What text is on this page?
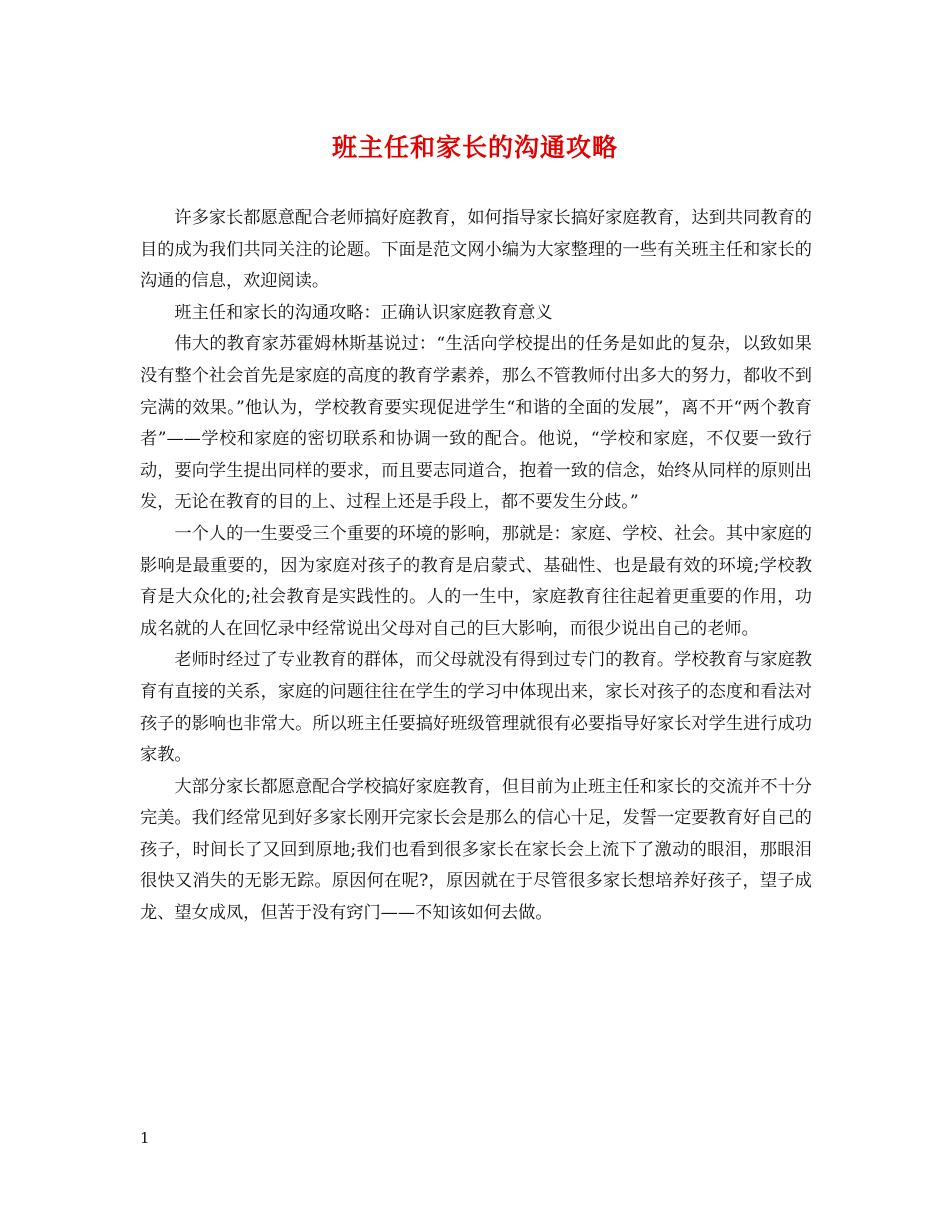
班主任和家长的沟通攻略

许多家长都愿意配合老师搞好庭教育，如何指导家长搞好家庭教育，达到共同教育的目的成为我们共同关注的论题。下面是范文网小编为大家整理的一些有关班主任和家长的沟通的信息，欢迎阅读。

班主任和家长的沟通攻略：正确认识家庭教育意义

伟大的教育家苏霍姆林斯基说过：“生活向学校提出的任务是如此的复杂，以致如果没有整个社会首先是家庭的高度的教育学素养，那么不管教师付出多大的努力，都收不到完满的效果。”他认为，学校教育要实现促进学生“和谐的全面的发展”，离不开“两个教育者”——学校和家庭的密切联系和协调一致的配合。他说，“学校和家庭，不仅要一致行动，要向学生提出同样的要求，而且要志同道合，抱着一致的信念，始终从同样的原则出发，无论在教育的目的上、过程上还是手段上，都不要发生分歧。”

一个人的一生要受三个重要的环境的影响，那就是：家庭、学校、社会。其中家庭的影响是最重要的，因为家庭对孩子的教育是启蒙式、基础性、也是最有效的环境;学校教育是大众化的;社会教育是实践性的。人的一生中，家庭教育往往起着更重要的作用，功成名就的人在回忆录中经常说出父母对自己的巨大影响，而很少说出自己的老师。

老师时经过了专业教育的群体，而父母就没有得到过专门的教育。学校教育与家庭教育有直接的关系，家庭的问题往往在学生的学习中体现出来，家长对孩子的态度和看法对孩子的影响也非常大。所以班主任要搞好班级管理就很有必要指导好家长对学生进行成功家教。

大部分家长都愿意配合学校搞好家庭教育，但目前为止班主任和家长的交流并不十分完美。我们经常见到好多家长刚开完家长会是那么的信心十足，发誓一定要教育好自己的孩子，时间长了又回到原地;我们也看到很多家长在家长会上流下了激动的眼泪，那眼泪很快又消失的无影无踪。原因何在呢?，原因就在于尽管很多家长想培养好孩子，望子成龙、望女成凤，但苦于没有窍门——不知该如何去做。

1
